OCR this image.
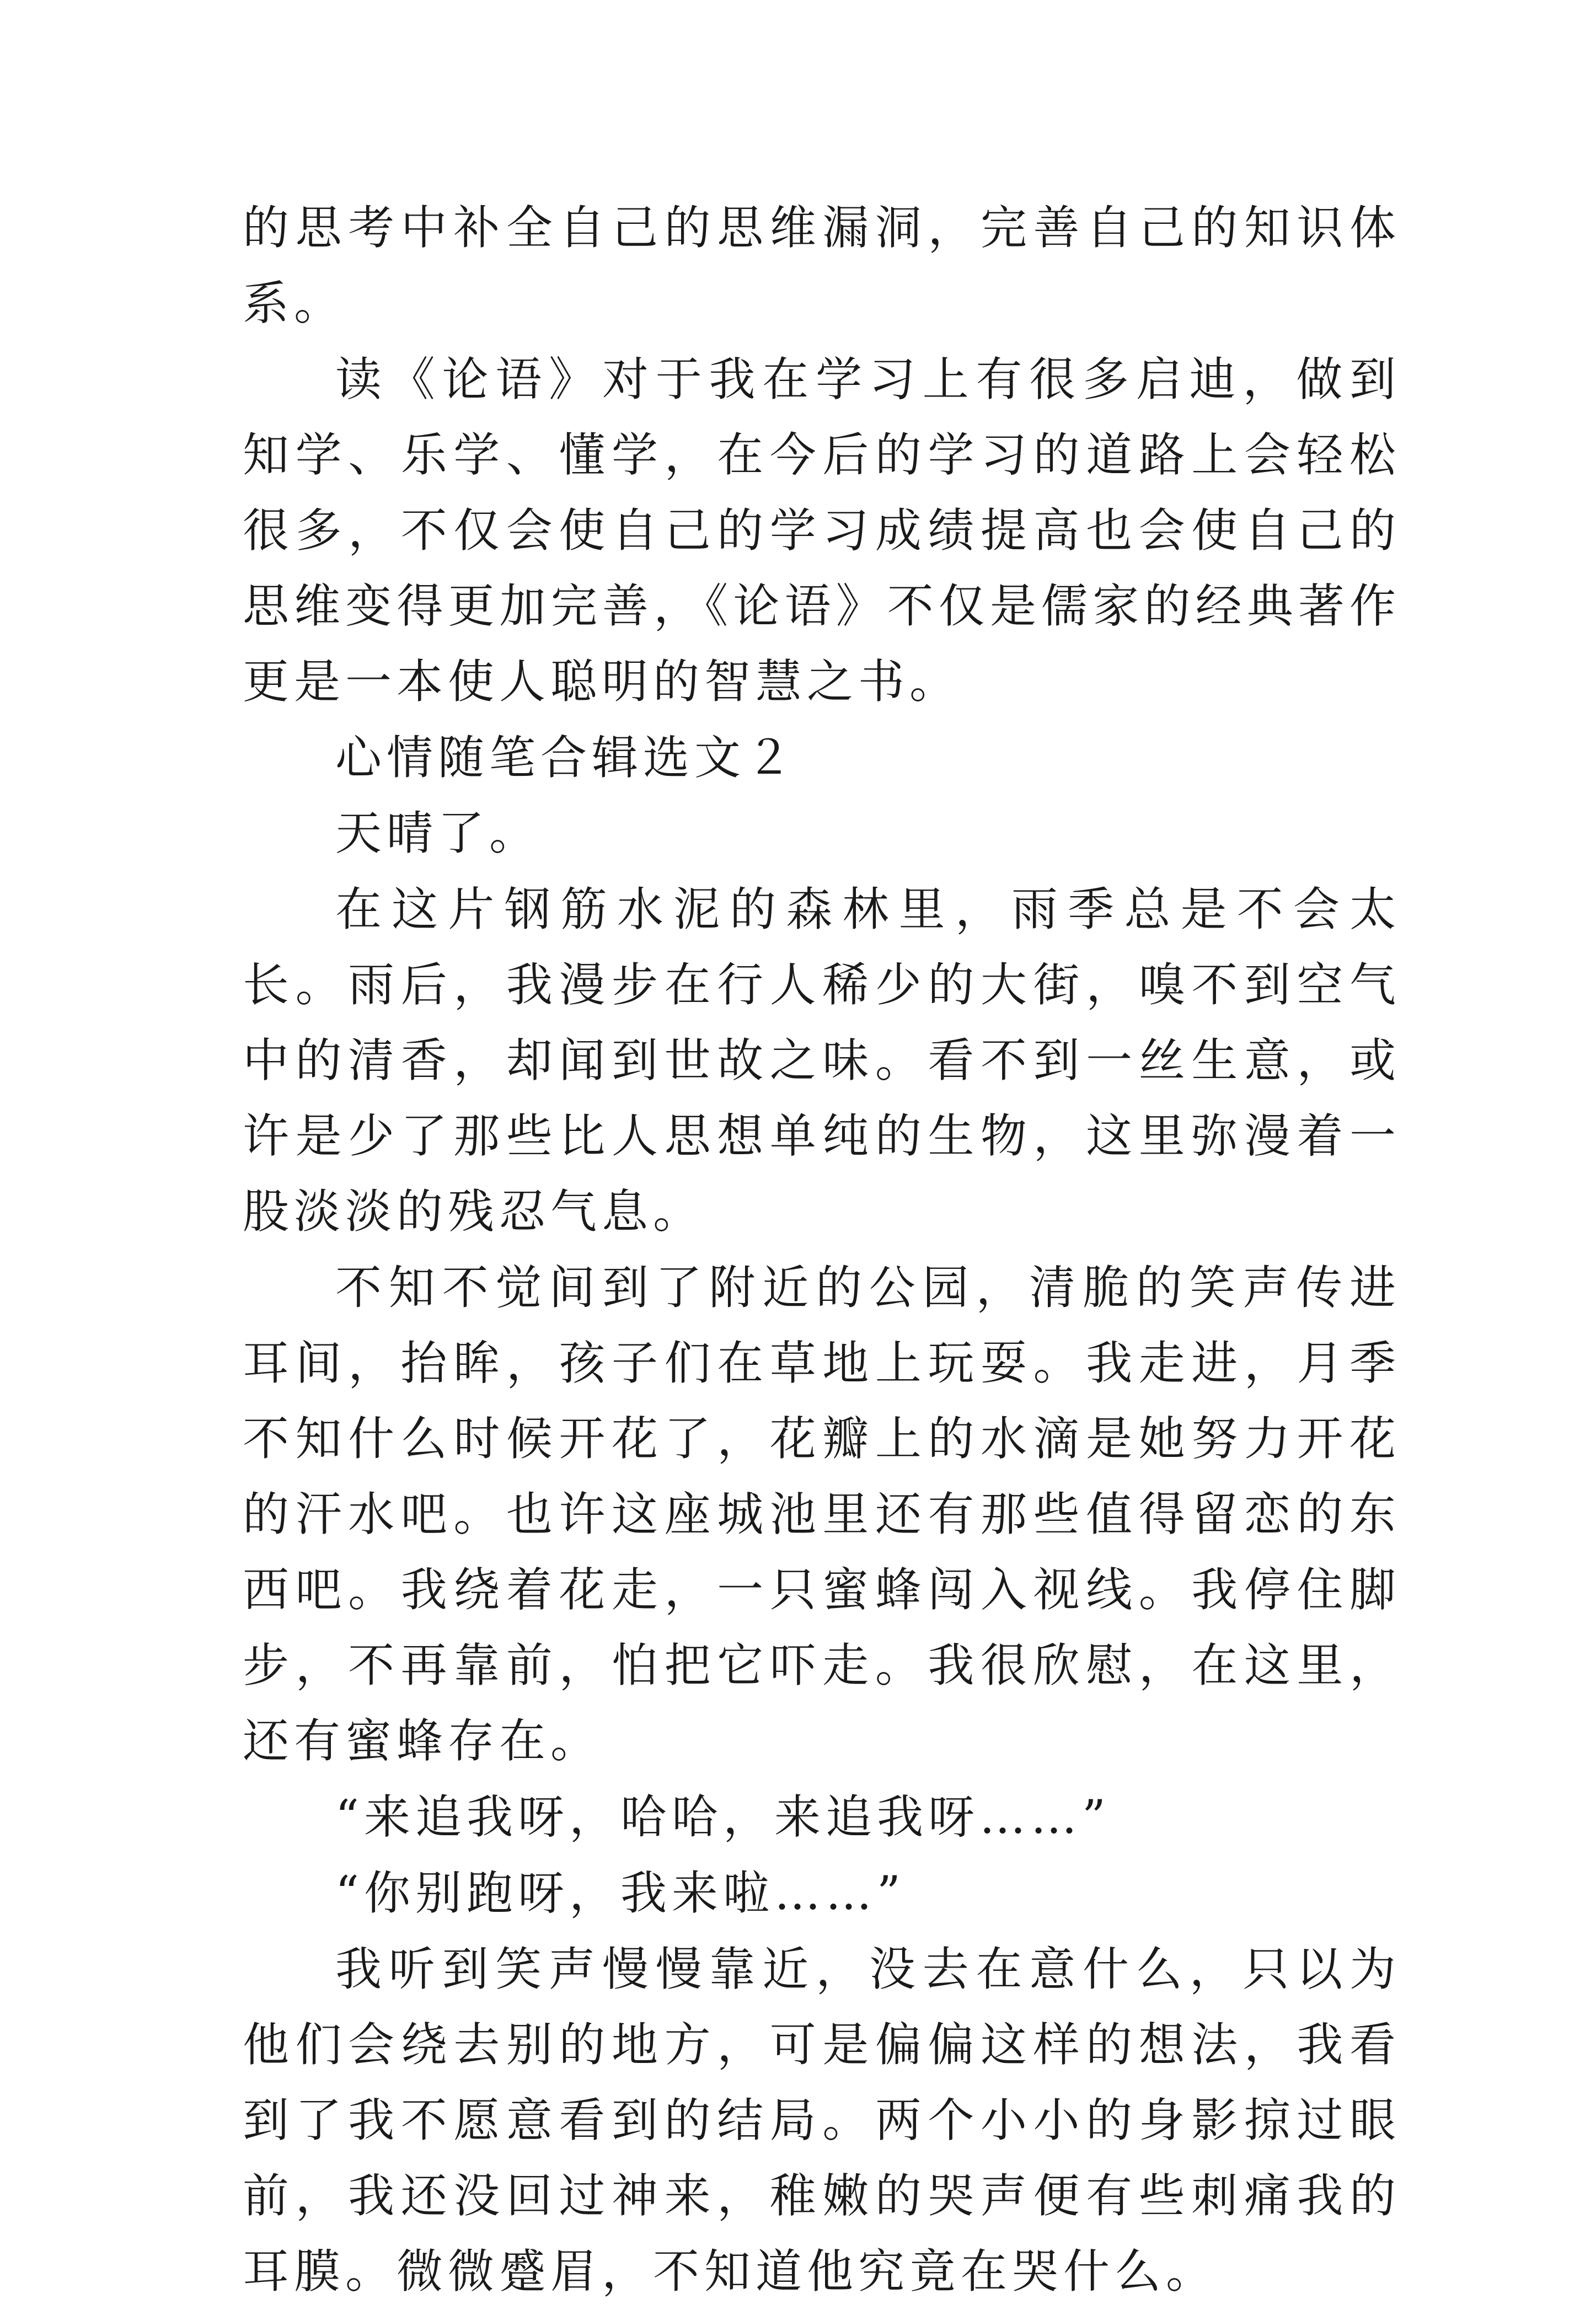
的思考中补全自己的思维漏洞，完善自己的知识体系。

读《论语》对于我在学习上有很多启迪，做到知学、乐学、懂学，在今后的学习的道路上会轻松很多，不仅会使自己的学习成绩提高也会使自己的思维变得更加完善，《论语》不仅是儒家的经典著作更是一本使人聪明的智慧之书。

心情随笔合辑选文２

天晴了。

在这片钢筋水泥的森林里，雨季总是不会太长。雨后，我漫步在行人稀少的大街，嗅不到空气中的清香，却闻到世故之味。看不到一丝生意，或许是少了那些比人思想单纯的生物，这里弥漫着一股淡淡的残忍气息。

不知不觉间到了附近的公园，清脆的笑声传进耳间，抬眸，孩子们在草地上玩耍。我走进，月季不知什么时候开花了，花瓣上的水滴是她努力开花的汗水吧。也许这座城池里还有那些值得留恋的东西吧。我绕着花走，一只蜜蜂闯入视线。我停住脚步，不再靠前，怕把它吓走。我很欣慰，在这里，还有蜜蜂存在。

“来追我呀，哈哈，来追我呀……”

“你别跑呀，我来啦……”

我听到笑声慢慢靠近，没去在意什么，只以为他们会绕去别的地方，可是偏偏这样的想法，我看到了我不愿意看到的结局。两个小小的身影掠过眼前，我还没回过神来，稚嫩的哭声便有些刺痛我的耳膜。微微蹙眉，不知道他究竟在哭什么。
